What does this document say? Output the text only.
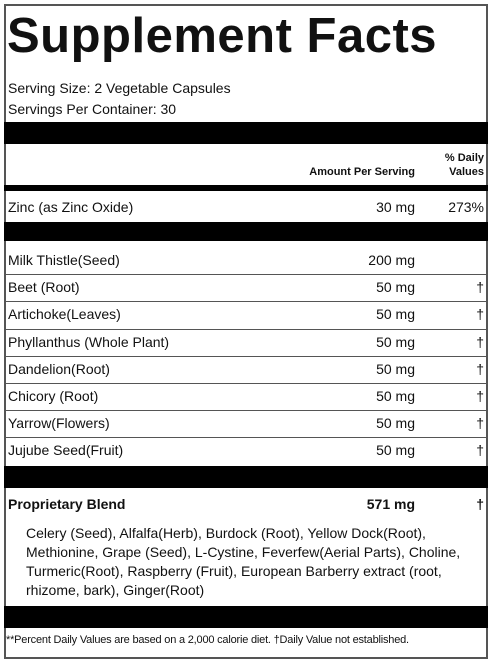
Supplement Facts
Serving Size: 2 Vegetable Capsules
Servings Per Container: 30
Amount Per Serving
% Daily
Values
Zinc (as Zinc Oxide)	30 mg 273%
Milk Thistle(Seed)	200 mg
Beet (Root)	50 mg	†
Artichoke(Leaves)	50 mg	†
Phyllanthus (Whole Plant)	50 mg	†
Dandelion(Root)	50 mg	†
Chicory (Root)	50 mg	†
Yarrow(Flowers)	50 mg	†
Jujube Seed(Fruit)	50 mg	†
Proprietary Blend	571 mg	†
Celery (Seed), Alfalfa(Herb), Burdock (Root), Yellow Dock(Root), Methionine, Grape (Seed), L-Cystine, Feverfew(Aerial Parts), Choline, Turmeric(Root), Raspberry (Fruit), European Barberry extract (root, rhizome, bark), Ginger(Root)
**Percent Daily Values are based on a 2,000 calorie diet. †Daily Value not established.
